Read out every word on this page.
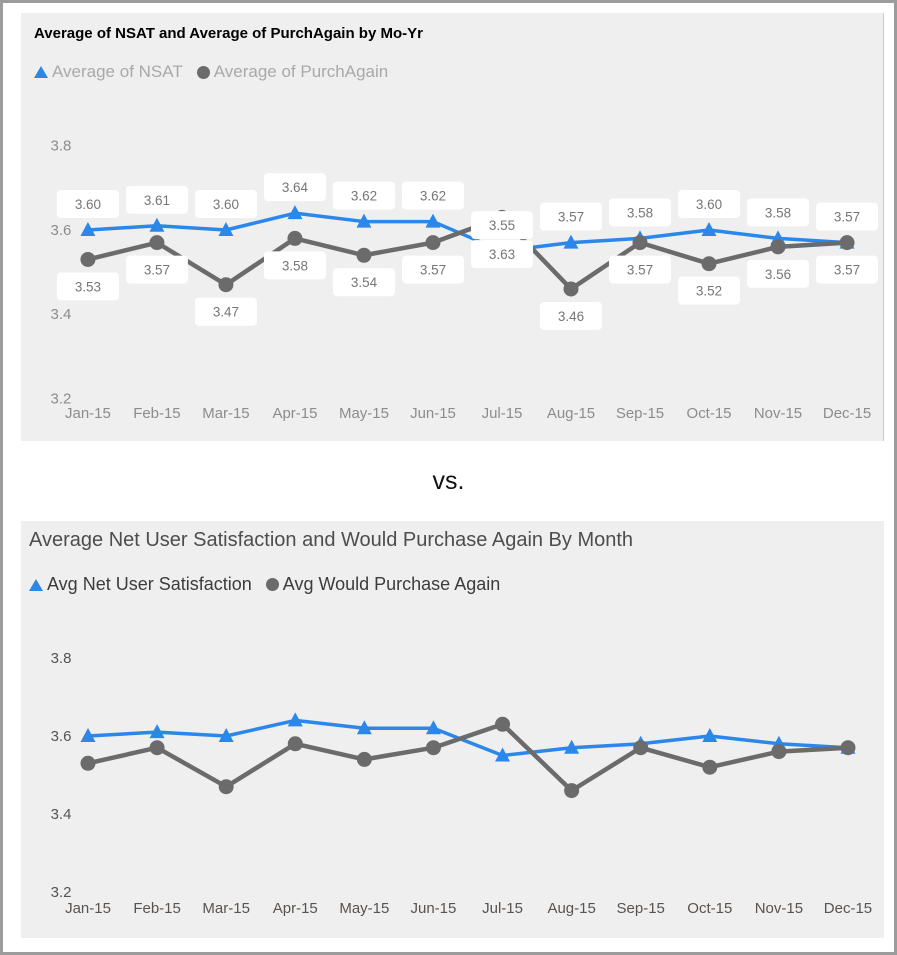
Average of NSAT and Average of PurchAgain by Mo-Yr
Average of NSAT Average of PurchAgain
3.8
3.6
3.4
3.2
Jan-15 Feb-15 Mar-15 Apr-15 May-15 Jun-15 Jul-15 Aug-15 Sep-15 Oct-15 Nov-15 Dec-15
3.60
3.53
3.61
3.57
3.60
3.47
3.64
3.58
3.62
3.54
3.62
3.57
3.55
3.63
3.57
3.46
3.58
3.57
3.60
3.52
3.58
3.56
3.57
3.57
vs.
Average Net User Satisfaction and Would Purchase Again By Month
Avg Net User Satisfaction Avg Would Purchase Again
3.8
3.6
3.4
3.2
Jan-15 Feb-15 Mar-15 Apr-15 May-15 Jun-15 Jul-15 Aug-15 Sep-15 Oct-15 Nov-15 Dec-15
